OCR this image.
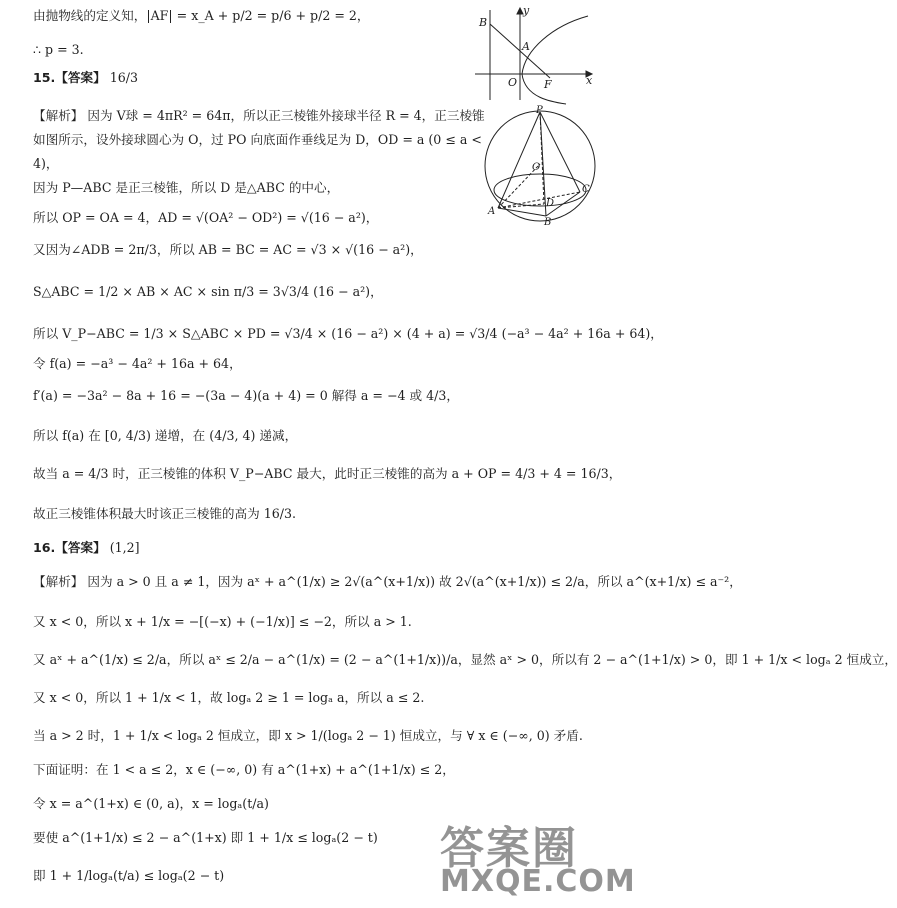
由抛物线的定义知，|AF| = x_A + p/2 = p/6 + p/2 = 2，
∴ p = 3.
15.【答案】 16/3
【解析】 因为 V球 = 4πR² = 64π，所以正三棱锥外接球半径 R = 4，正三棱锥
如图所示，设外接球圆心为 O，过 PO 向底面作垂线足为 D，OD = a (0 ≤ a <
4)，
因为 P—ABC 是正三棱锥，所以 D 是△ABC 的中心，
所以 OP = OA = 4，AD = √(OA² − OD²) = √(16 − a²)，
又因为∠ADB = 2π/3，所以 AB = BC = AC = √3 × √(16 − a²)，
S△ABC = 1/2 × AB × AC × sin π/3 = 3√3/4 (16 − a²)，
所以 V_P−ABC = 1/3 × S△ABC × PD = √3/4 × (16 − a²) × (4 + a) = √3/4 (−a³ − 4a² + 16a + 64)，
令 f(a) = −a³ − 4a² + 16a + 64，
f′(a) = −3a² − 8a + 16 = −(3a − 4)(a + 4) = 0 解得 a = −4 或 4/3，
所以 f(a) 在 [0, 4/3) 递增，在 (4/3, 4) 递减，
故当 a = 4/3 时，正三棱锥的体积 V_P−ABC 最大，此时正三棱锥的高为 a + OP = 4/3 + 4 = 16/3，
故正三棱锥体积最大时该正三棱锥的高为 16/3.
16.【答案】 (1,2]
【解析】 因为 a > 0 且 a ≠ 1，因为 aˣ + a^(1/x) ≥ 2√(a^(x+1/x)) 故 2√(a^(x+1/x)) ≤ 2/a，所以 a^(x+1/x) ≤ a⁻²，
又 x < 0，所以 x + 1/x = −[(−x) + (−1/x)] ≤ −2，所以 a > 1.
又 aˣ + a^(1/x) ≤ 2/a，所以 aˣ ≤ 2/a − a^(1/x) = (2 − a^(1+1/x))/a，显然 aˣ > 0，所以有 2 − a^(1+1/x) > 0，即 1 + 1/x < logₐ 2 恒成立，
又 x < 0，所以 1 + 1/x < 1，故 logₐ 2 ≥ 1 = logₐ a，所以 a ≤ 2.
当 a > 2 时，1 + 1/x < logₐ 2 恒成立，即 x > 1/(logₐ 2 − 1) 恒成立，与 ∀ x ∈ (−∞, 0) 矛盾.
下面证明：在 1 < a ≤ 2，x ∈ (−∞, 0) 有 a^(1+x) + a^(1+1/x) ≤ 2，
令 x = a^(1+x) ∈ (0, a)，x = logₐ(t/a)
要使 a^(1+1/x) ≤ 2 − a^(1+x) 即 1 + 1/x ≤ logₐ(2 − t)
即 1 + 1/logₐ(t/a) ≤ logₐ(2 − t)
B
y
A
O F	x
P
O
A
D
C
B
答案圈
MXQE.COM
